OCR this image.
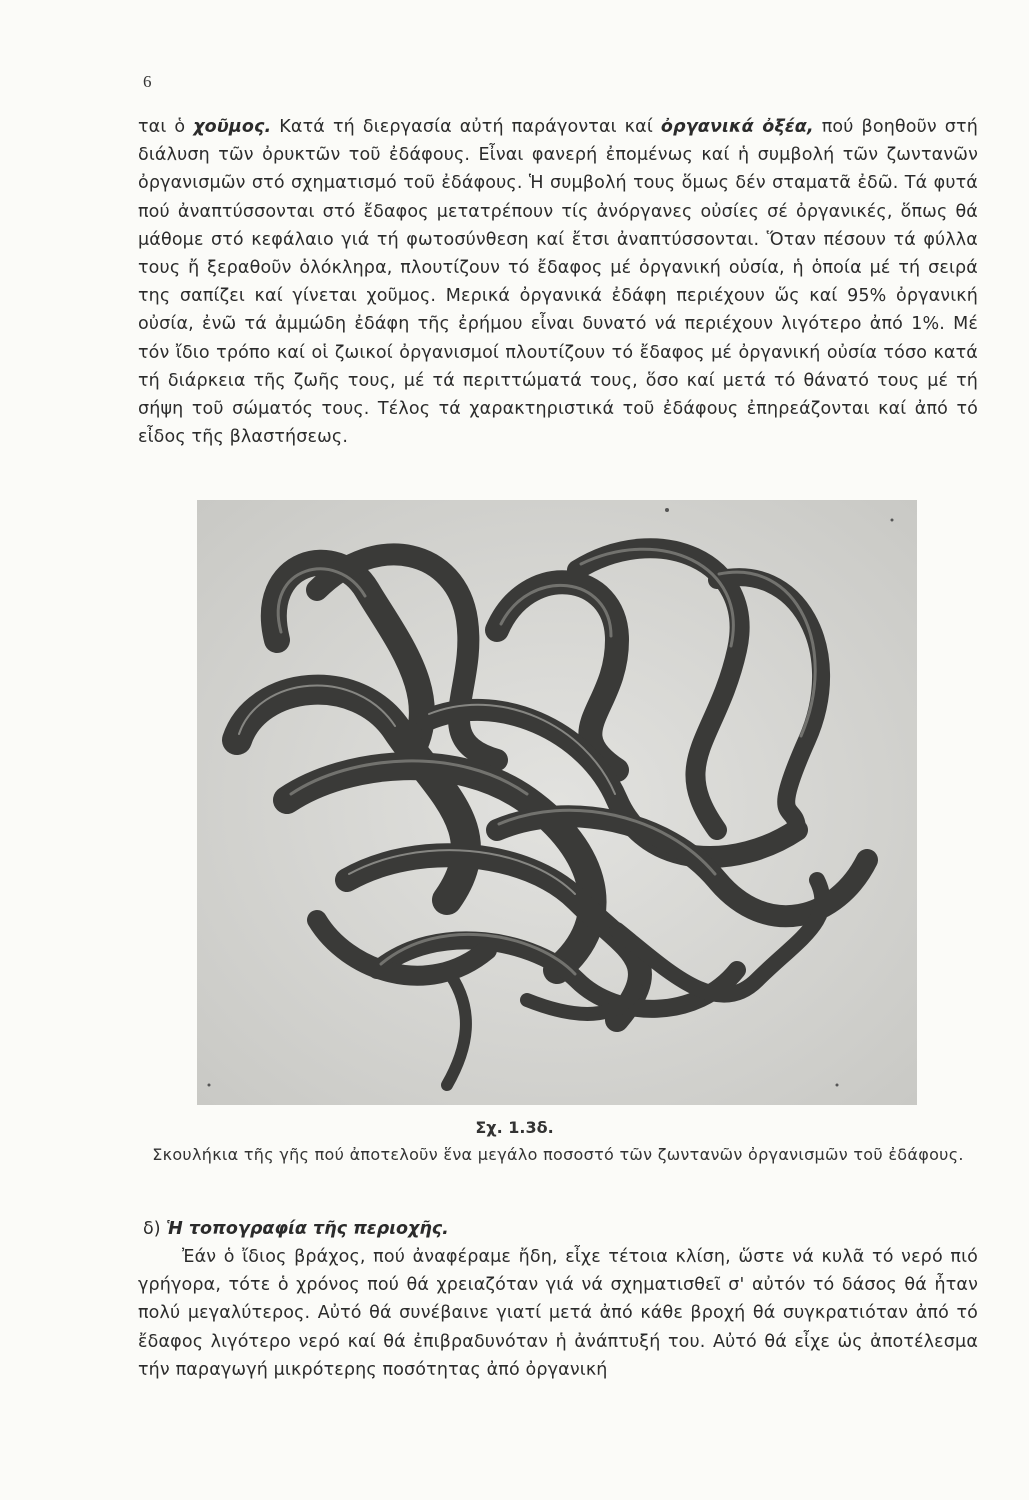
6

ται ὁ χοῦμος. Κατά τή διεργασία αὐτή παράγονται καί ὀργανικά ὀξέα, πού βοηθοῦν στή διάλυση τῶν ὀρυκτῶν τοῦ ἐδάφους. Εἶναι φανερή ἐπομένως καί ἡ συμβολή τῶν ζωντανῶν ὀργανισμῶν στό σχηματισμό τοῦ ἐδάφους. Ἡ συμβολή τους ὅμως δέν σταματᾶ ἐδῶ. Τά φυτά πού ἀναπτύσσονται στό ἔδαφος μετατρέπουν τίς ἀνόργανες οὐσίες σέ ὀργανικές, ὅπως θά μάθομε στό κεφάλαιο γιά τή φωτοσύνθεση καί ἔτσι ἀναπτύσσονται. Ὅταν πέσουν τά φύλλα τους ἤ ξεραθοῦν ὁλόκληρα, πλουτίζουν τό ἔδαφος μέ ὀργανική οὐσία, ἡ ὁποία μέ τή σειρά της σαπίζει καί γίνεται χοῦμος. Μερικά ὀργανικά ἐδάφη περιέχουν ὥς καί 95% ὀργανική οὐσία, ἐνῶ τά ἀμμώδη ἐδάφη τῆς ἐρήμου εἶναι δυνατό νά περιέχουν λιγότερο ἀπό 1%. Μέ τόν ἴδιο τρόπο καί οἱ ζωικοί ὀργανισμοί πλουτίζουν τό ἔδαφος μέ ὀργανική οὐσία τόσο κατά τή διάρκεια τῆς ζωῆς τους, μέ τά περιττώματά τους, ὅσο καί μετά τό θάνατό τους μέ τή σήψη τοῦ σώματός τους. Τέλος τά χαρακτηριστικά τοῦ ἐδάφους ἐπηρεάζονται καί ἀπό τό εἶδος τῆς βλαστήσεως.

Σχ. 1.3δ.
Σκουλήκια τῆς γῆς πού ἀποτελοῦν ἕνα μεγάλο ποσοστό τῶν ζωντανῶν ὀργανισμῶν τοῦ ἐδάφους.
δ) Ἡ τοπογραφία τῆς περιοχῆς.

Ἐάν ὁ ἴδιος βράχος, πού ἀναφέραμε ἤδη, εἶχε τέτοια κλίση, ὥστε νά κυλᾶ τό νερό πιό γρήγορα, τότε ὁ χρόνος πού θά χρειαζόταν γιά νά σχηματισθεῖ σ' αὐτόν τό δάσος θά ἦταν πολύ μεγαλύτερος. Αὐτό θά συνέβαινε γιατί μετά ἀπό κάθε βροχή θά συγκρατιόταν ἀπό τό ἔδαφος λιγότερο νερό καί θά ἐπιβραδυνόταν ἡ ἀνάπτυξή του. Αὐτό θά εἶχε ὡς ἀποτέλεσμα τήν παραγωγή μικρότερης ποσότητας ἀπό ὀργανική
